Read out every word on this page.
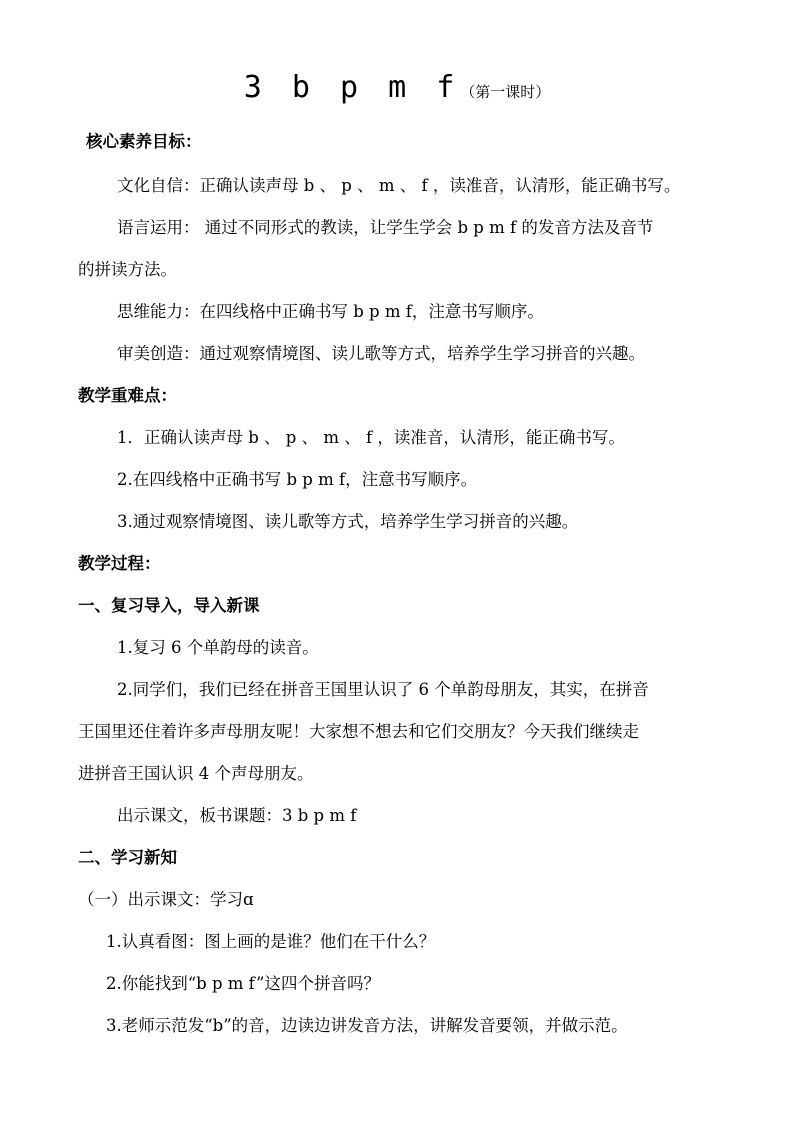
3 b p m f（第一课时）
核心素养目标：
文化自信：正确认读声母 b 、 p 、 m 、 f ，读准音，认清形，能正确书写。
语言运用： 通过不同形式的教读，让学生学会 b p m f 的发音方法及音节
的拼读方法。
思维能力：在四线格中正确书写 b p m f，注意书写顺序。
审美创造：通过观察情境图、读儿歌等方式，培养学生学习拼音的兴趣。
教学重难点：
1．正确认读声母 b 、 p 、 m 、 f ，读准音，认清形，能正确书写。
2.在四线格中正确书写 b p m f，注意书写顺序。
3.通过观察情境图、读儿歌等方式，培养学生学习拼音的兴趣。
教学过程：
一、复习导入，导入新课
1.复习 6 个单韵母的读音。
2.同学们，我们已经在拼音王国里认识了 6 个单韵母朋友，其实，在拼音
王国里还住着许多声母朋友呢！大家想不想去和它们交朋友？今天我们继续走
进拼音王国认识 4 个声母朋友。
出示课文，板书课题：3 b p m f
二、学习新知
（一）出示课文：学习ɑ
1.认真看图：图上画的是谁？他们在干什么？
2.你能找到“b p m f”这四个拼音吗？
3.老师示范发“b”的音，边读边讲发音方法，讲解发音要领，并做示范。
